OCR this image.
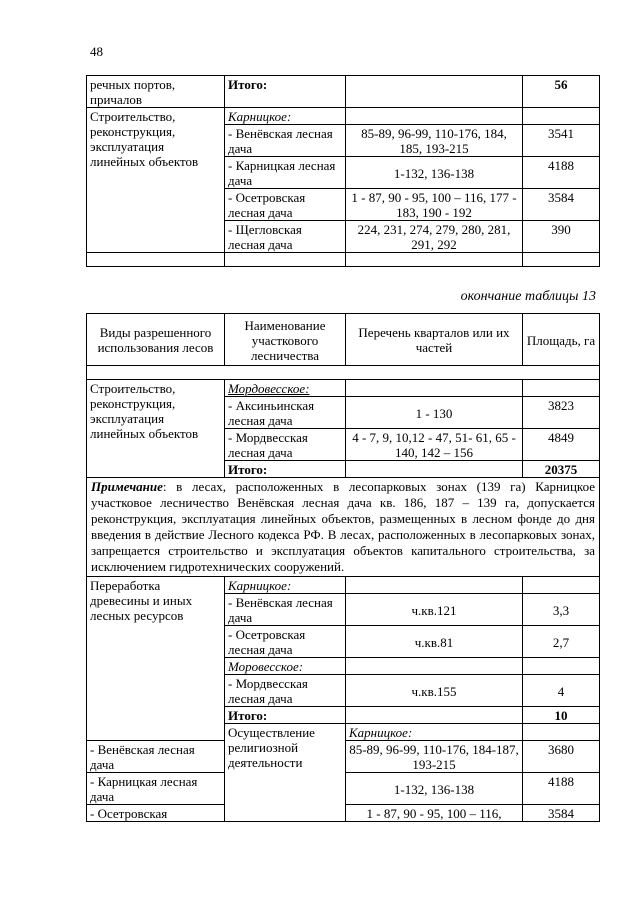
48
речных портов, причалов	Итого:		56
Строительство, реконструкция, эксплуатация линейных объектов	Карницкое:		
	- Венёвская лесная дача	85-89, 96-99, 110-176, 184, 185, 193-215	3541
	- Карницкая лесная дача	1-132, 136-138	4188
	- Осетровская лесная дача	1 - 87, 90 - 95, 100 – 116, 177 - 183, 190 - 192	3584
	- Щегловская лесная дача	224, 231, 274, 279, 280, 281, 291, 292	390

окончание таблицы 13
Виды разрешенного использования лесов	Наименование участкового лесничества	Перечень кварталов или их частей	Площадь, га	

Строительство, реконструкция, эксплуатация линейных объектов	Мордовесское:			
	- Аксиньинская лесная дача	1 - 130	3823	
	- Мордвесская лесная дача	4 - 7, 9, 10,12 - 47, 51- 61, 65 - 140, 142 – 156	4849	
	Итого:		20375	
Примечание: в лесах, расположенных в лесопарковых зонах (139 га) Карницкое участковое лесничество Венёвская лесная дача кв. 186, 187 – 139 га, допускается реконструкция, эксплуатация линейных объектов, размещенных в лесном фонде до дня введения в действие Лесного кодекса РФ. В лесах, расположенных в лесопарковых зонах, запрещается строительство и эксплуатация объектов капитального строительства, за исключением гидротехнических сооружений.				
Переработка древесины и иных лесных ресурсов	Карницкое:			
	- Венёвская лесная дача	ч.кв.121	3,3	
	- Осетровская лесная дача	ч.кв.81	2,7	
	Моровесское:			
	- Мордвесская лесная дача	ч.кв.155	4	
	Итого:		10	
	Осуществление религиозной деятельности	Карницкое:		
- Венёвская лесная дача		85-89, 96-99, 110-176, 184-187, 193-215	3680	
- Карницкая лесная дача		1-132, 136-138	4188	
- Осетровская		1 - 87, 90 - 95, 100 – 116,	3584	
